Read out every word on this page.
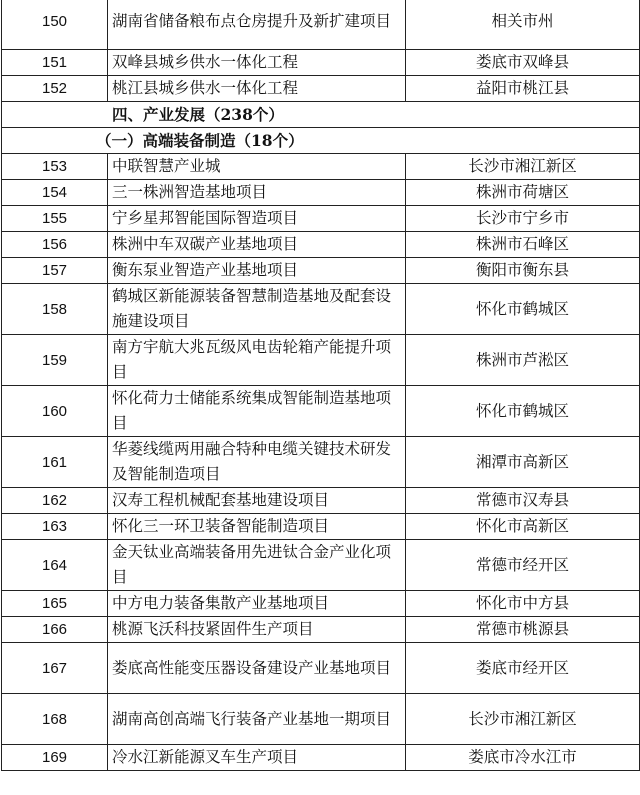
150	湖南省储备粮布点仓房提升及新扩建项目	相关市州
151	双峰县城乡供水一体化工程	娄底市双峰县
152	桃江县城乡供水一体化工程	益阳市桃江县
四、产业发展（238个）		
（一）高端装备制造（18个）		
153	中联智慧产业城	长沙市湘江新区
154	三一株洲智造基地项目	株洲市荷塘区
155	宁乡星邦智能国际智造项目	长沙市宁乡市
156	株洲中车双碳产业基地项目	株洲市石峰区
157	衡东泵业智造产业基地项目	衡阳市衡东县
158	鹤城区新能源装备智慧制造基地及配套设施建设项目	怀化市鹤城区
159	南方宇航大兆瓦级风电齿轮箱产能提升项目	株洲市芦淞区
160	怀化荷力士储能系统集成智能制造基地项目	怀化市鹤城区
161	华菱线缆两用融合特种电缆关键技术研发及智能制造项目	湘潭市高新区
162	汉寿工程机械配套基地建设项目	常德市汉寿县
163	怀化三一环卫装备智能制造项目	怀化市高新区
164	金天钛业高端装备用先进钛合金产业化项目	常德市经开区
165	中方电力装备集散产业基地项目	怀化市中方县
166	桃源飞沃科技紧固件生产项目	常德市桃源县
167	娄底高性能变压器设备建设产业基地项目	娄底市经开区
168	湖南高创高端飞行装备产业基地一期项目	长沙市湘江新区
169	冷水江新能源叉车生产项目	娄底市冷水江市
